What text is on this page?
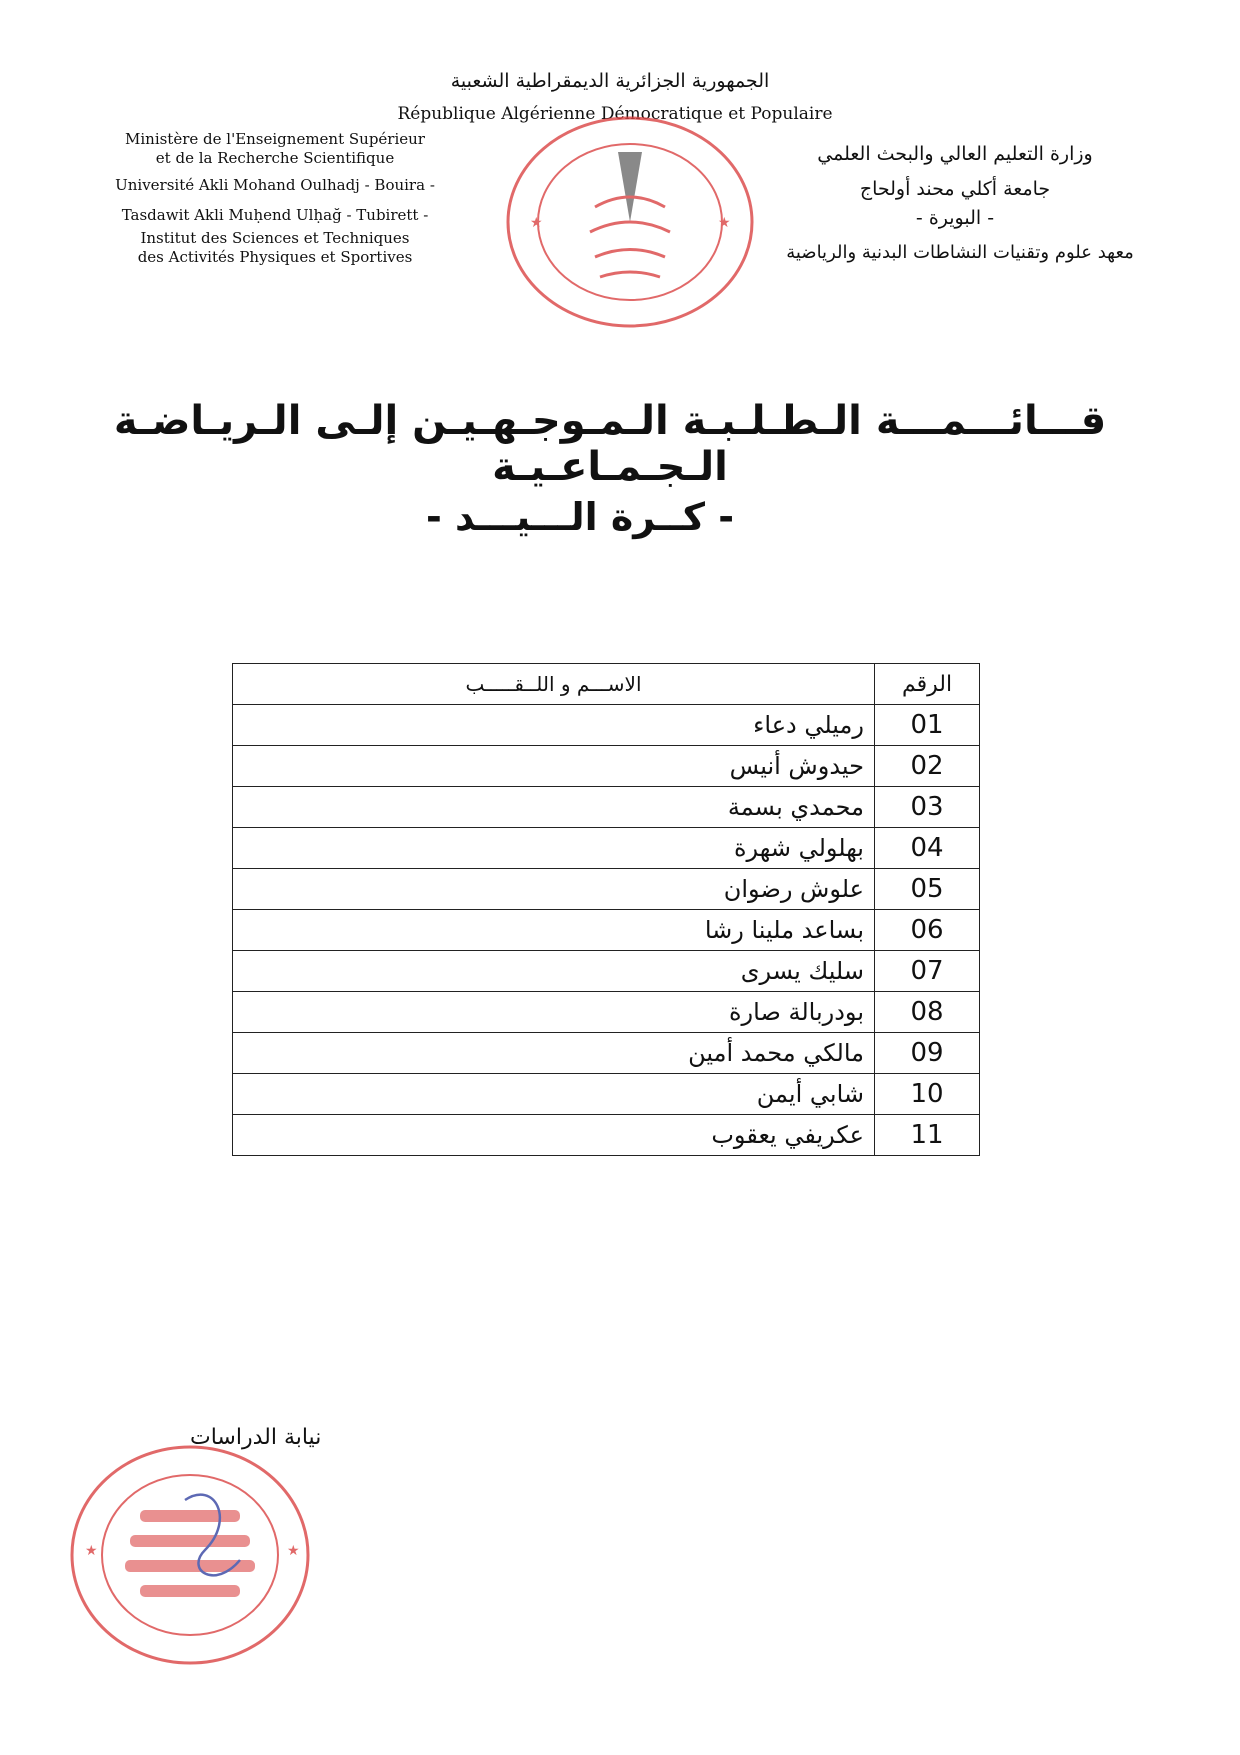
الجمهورية الجزائرية الديمقراطية الشعبية
République Algérienne Démocratique et Populaire
Ministère de l'Enseignement Supérieur
et de la Recherche Scientifique
Université Akli Mohand Oulhadj - Bouira -
Tasdawit Akli Muḥend Ulḥağ - Tubirett -
Institut des Sciences et Techniques
des Activités Physiques et Sportives
وزارة التعليم العالي والبحث العلمي
جامعة أكلي محند أولحاج
- البويرة -
معهد علوم وتقنيات النشاطات البدنية والرياضية
★	★
قـــائـــمـــة الـطـلـبـة الـمـوجـهـيـن إلـى الـريـاضـة الـجـمـاعـيـة
- كــرة الـــيـــد -
الرقم	الاســـم و اللــقـــــب
01	رميلي دعاء
02	حيدوش أنيس
03	محمدي بسمة
04	بهلولي شهرة
05	علوش رضوان
06	بساعد ملينا رشا
07	سليك يسرى
08	بودربالة صارة
09	مالكي محمد أمين
10	شابي أيمن
11	عكريفي يعقوب
نيابة الدراسات
★	★
